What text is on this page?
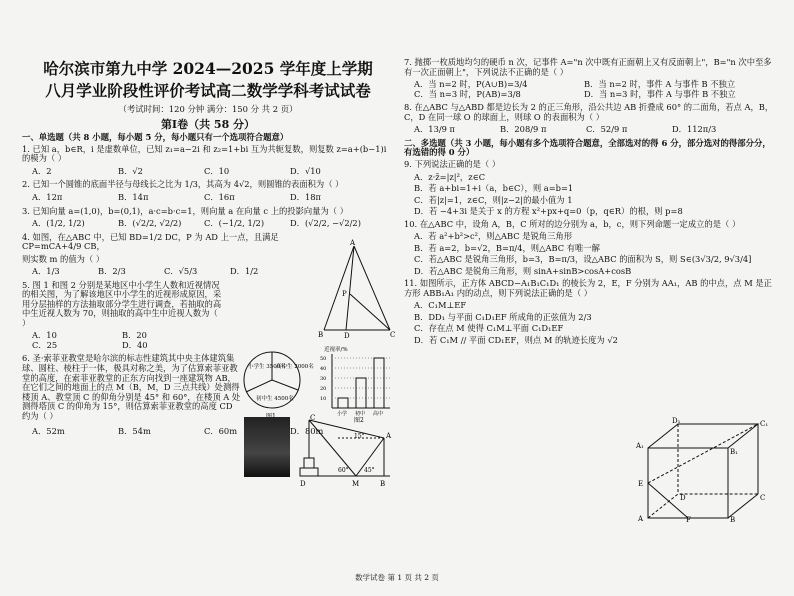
哈尔滨市第九中学 2024—2025 学年度上学期
八月学业阶段性评价考试高二数学学科考试试卷
（考试时间：120 分钟 满分：150 分 共 2 页）
第Ⅰ卷（共 58 分）
一、单选题（共 8 小题，每小题 5 分，每小题只有一个选项符合题意）
1. 已知 a，b∈R，i 是虚数单位，已知 z₁=a−2i 和 z₂=1+bi 互为共轭复数，则复数 z=a+(b−1)i 的模为（ ）
A．2	B．√2	C．10	D．√10
2. 已知一个圆锥的底面半径与母线长之比为 1/3，其高为 4√2，则圆锥的表面积为（ ）
A．12π	B．14π	C．16π	D．18π
3. 已知向量 a=(1,0)，b=(0,1)，a·c=b·c=1，则向量 a 在向量 c 上的投影向量为（ ）
A．(1/2, 1/2)	B．(√2/2, √2/2)	C．(−1/2, 1/2)	D．(√2/2, −√2/2)
4. 如图，在△ABC 中，已知 BD=1/2 DC，P 为 AD 上一点，且满足 CP=mCA+4/9 CB，
则实数 m 的值为（ ）
A．1/3	B．2/3	C．√5/3	D．1/2
5. 图 1 和图 2 分别是某地区中小学生人数和近视情况的相关图，为了解该地区中小学生的近视形成原因，采用分层抽样的方法抽取部分学生进行调查，若抽取的高中生近视人数为 70，则抽取的高中生中近视人数为（ ）
A．10	B．20
C．25	D．40
6. 圣·索菲亚教堂是哈尔滨的标志性建筑其中央主体建筑集球、圆柱、棱柱于一体，极具对称之美，为了估算索菲亚教堂的高度，在索菲亚教堂的正东方向找到一座建筑物 AB，在它们之间的地面上的点 M（B，M，D 三点共线）处测得楼顶 A、教堂顶 C 的仰角分别是 45° 和 60°，在楼顶 A 处测得塔顶 C 的仰角为 15°，则估算索菲亚教堂的高度 CD 约为（ ）
A．52m	B．54m	C．60m	D．80m
A
B	D	C
P
小学生 3500名
高中生 2000名
初中生 4500名
近视率/%
50
40
30
20
10
小学 初中 高中
图2
C
A
D	M	B
15°
60°	45°
7. 抛掷一枚质地均匀的硬币 n 次，记事件 A="n 次中既有正面朝上又有反面朝上"，B="n 次中至多有一次正面朝上"，下列说法不正确的是（ ）
A．当 n=2 时，P(A∪B)=3/4	B．当 n=2 时，事件 A 与事件 B 不独立
C．当 n=3 时，P(AB)=3/8	D．当 n=3 时，事件 A 与事件 B 不独立
8. 在△ABC 与△ABD 都是边长为 2 的正三角形，沿公共边 AB 折叠成 60° 的二面角，若点 A，B，C，D 在同一球 O 的球面上，则球 O 的表面积为（ ）
A．13/9 π	B．208/9 π	C．52/9 π	D．112π/3
二、多选题（共 3 小题，每小题有多个选项符合题意，全部选对的得 6 分，部分选对的得部分分，有选错的得 0 分）
9. 下列说法正确的是（ ）
A．z·z̄=|z|²，z∈C
B．若 a+bi=1+i（a，b∈C），则 a=b=1
C．若|z|=1，z∈C，则|z−2|的最小值为 1
D．若 −4+3i 是关于 x 的方程 x²+px+q=0（p，q∈R）的根，则 p=8
10. 在△ABC 中，设角 A，B，C 所对的边分别为 a，b，c，则下列命题一定成立的是（ ）
A．若 a²+b²>c²，则△ABC 是锐角三角形
B．若 a=2，b=√2，B=π/4，则△ABC 有唯一解
C．若△ABC 是锐角三角形，b=3，B=π/3，设△ABC 的面积为 S，则 S∈(3√3/2, 9√3/4]
D．若△ABC 是锐角三角形，则 sinA+sinB>cosA+cosB
11. 如图所示，正方体 ABCD−A₁B₁C₁D₁ 的棱长为 2，E，F 分别为 AA₁，AB 的中点，点 M 是正方形 ABB₁A₁ 内的动点，则下列说法正确的是（ ）
A．C₁M⊥EF
B．DD₁ 与平面 C₁D₁EF 所成角的正弦值为 2/3
C．存在点 M 使得 C₁M⊥平面 C₁D₁EF
D．若 C₁M // 平面 CD₁EF，则点 M 的轨迹长度为 √2
D₁	C₁
A₁
B₁
E
A	F	B
C
D
数学试卷 第 1 页 共 2 页
